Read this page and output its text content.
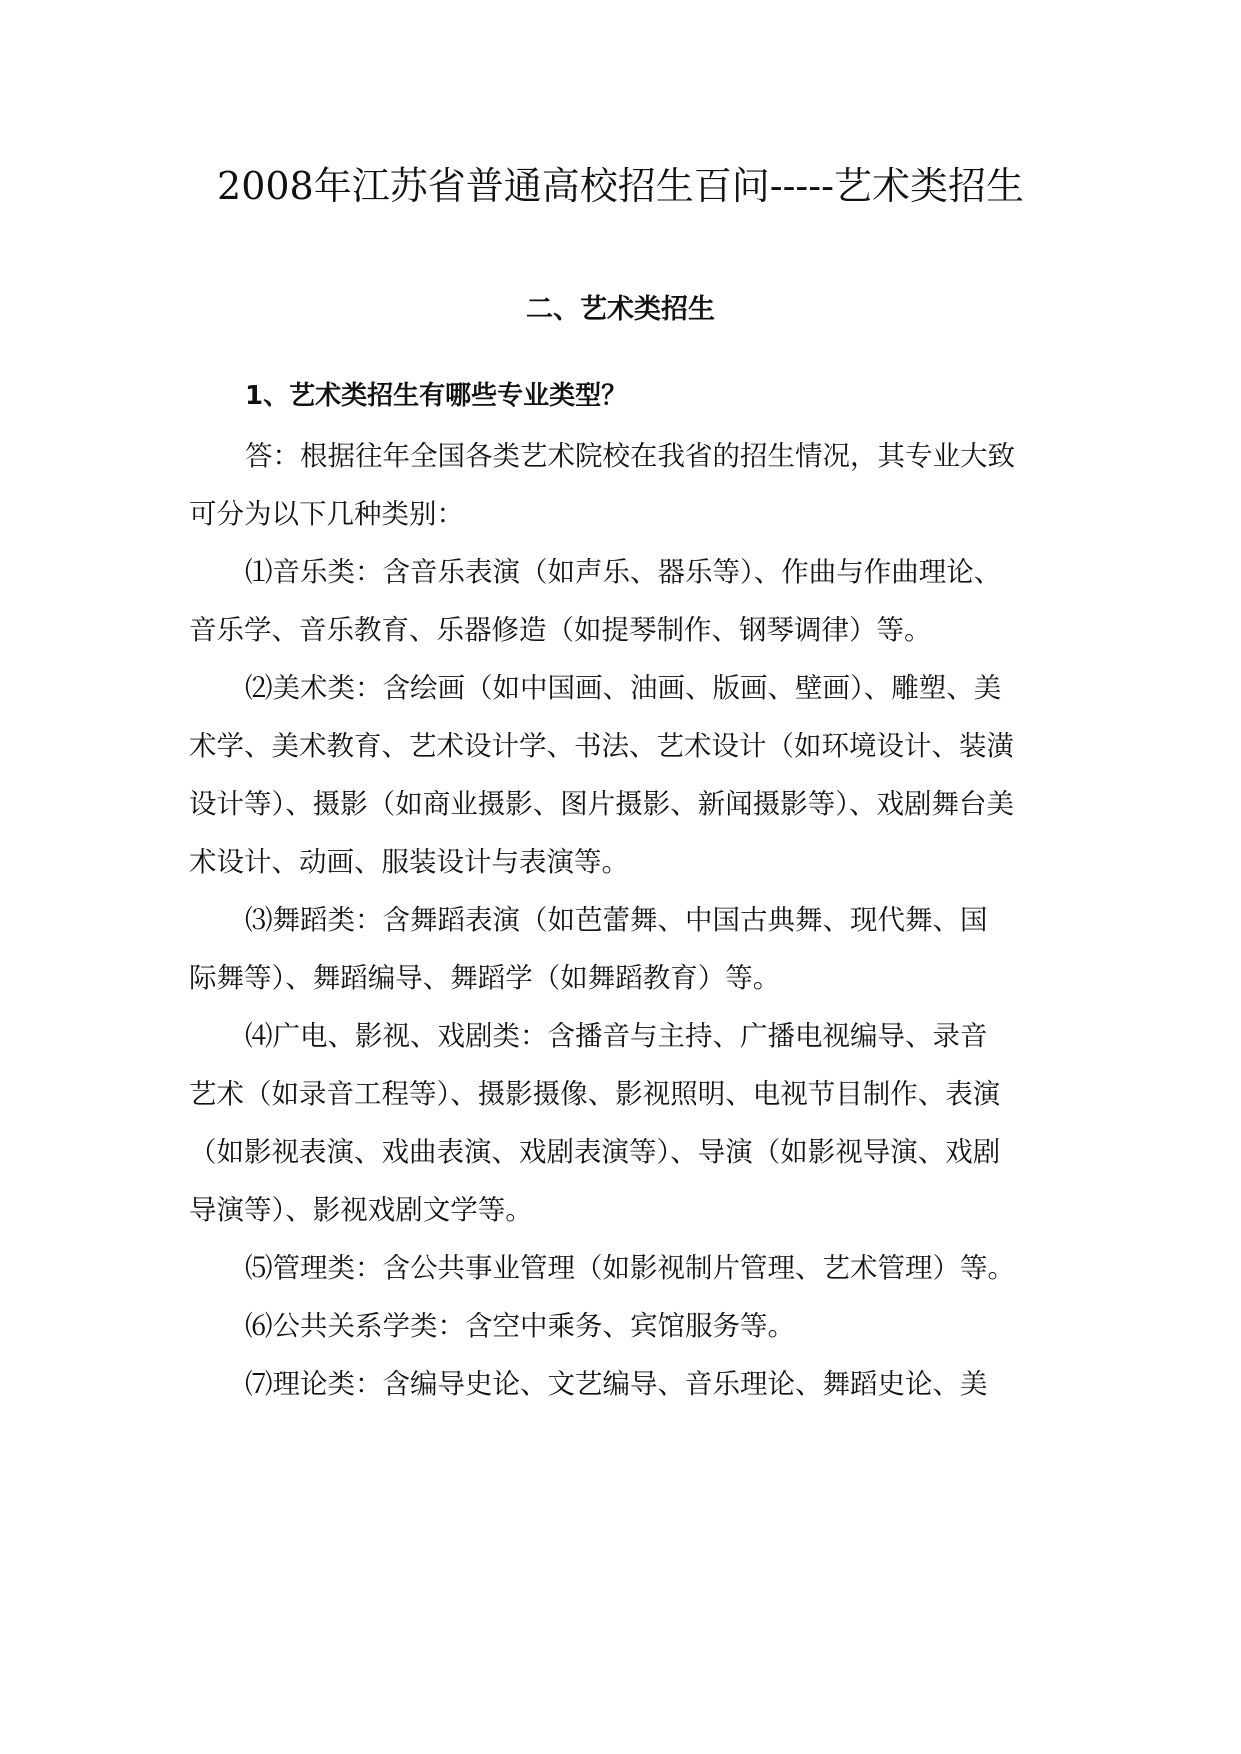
2008年江苏省普通高校招生百问-----艺术类招生
二、艺术类招生
1、艺术类招生有哪些专业类型？
答：根据往年全国各类艺术院校在我省的招生情况，其专业大致
可分为以下几种类别：
⑴音乐类：含音乐表演（如声乐、器乐等）、作曲与作曲理论、
音乐学、音乐教育、乐器修造（如提琴制作、钢琴调律）等。
⑵美术类：含绘画（如中国画、油画、版画、壁画）、雕塑、美
术学、美术教育、艺术设计学、书法、艺术设计（如环境设计、装潢
设计等）、摄影（如商业摄影、图片摄影、新闻摄影等）、戏剧舞台美
术设计、动画、服装设计与表演等。
⑶舞蹈类：含舞蹈表演（如芭蕾舞、中国古典舞、现代舞、国
际舞等）、舞蹈编导、舞蹈学（如舞蹈教育）等。
⑷广电、影视、戏剧类：含播音与主持、广播电视编导、录音
艺术（如录音工程等）、摄影摄像、影视照明、电视节目制作、表演
（如影视表演、戏曲表演、戏剧表演等）、导演（如影视导演、戏剧
导演等）、影视戏剧文学等。
⑸管理类：含公共事业管理（如影视制片管理、艺术管理）等。
⑹公共关系学类：含空中乘务、宾馆服务等。
⑺理论类：含编导史论、文艺编导、音乐理论、舞蹈史论、美
